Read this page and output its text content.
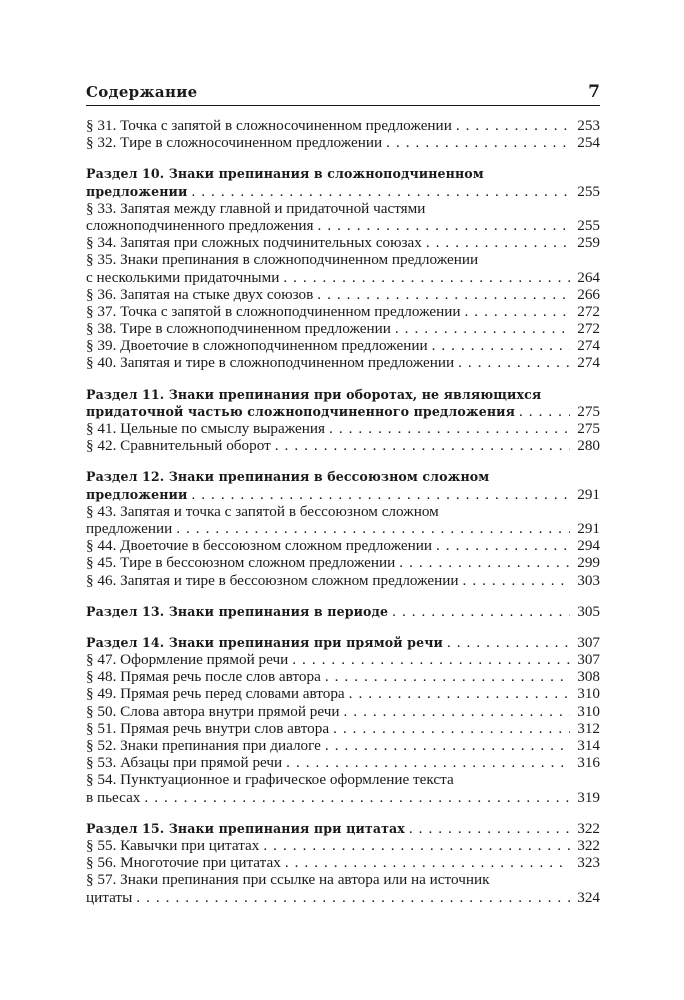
Содержание	7
§ 31. Точка с запятой в сложносочиненном предложении . . .	253
§ 32. Тире в сложносочиненном предложении . . .	254
Раздел 10. Знаки препинания в сложноподчиненном
предложении . . .	255
§ 33. Запятая между главной и придаточной частями
сложноподчиненного предложения . . .	255
§ 34. Запятая при сложных подчинительных союзах . . .	259
§ 35. Знаки препинания в сложноподчиненном предложении
с несколькими придаточными . . .	264
§ 36. Запятая на стыке двух союзов . . .	266
§ 37. Точка с запятой в сложноподчиненном предложении . . .	272
§ 38. Тире в сложноподчиненном предложении . . .	272
§ 39. Двоеточие в сложноподчиненном предложении . . .	274
§ 40. Запятая и тире в сложноподчиненном предложении . . .	274
Раздел 11. Знаки препинания при оборотах, не являющихся
придаточной частью сложноподчиненного предложения . . .	275
§ 41. Цельные по смыслу выражения . . .	275
§ 42. Сравнительный оборот . . .	280
Раздел 12. Знаки препинания в бессоюзном сложном
предложении . . .	291
§ 43. Запятая и точка с запятой в бессоюзном сложном
предложении . . .	291
§ 44. Двоеточие в бессоюзном сложном предложении . . .	294
§ 45. Тире в бессоюзном сложном предложении . . .	299
§ 46. Запятая и тире в бессоюзном сложном предложении . . .	303
Раздел 13. Знаки препинания в периоде . . .	305
Раздел 14. Знаки препинания при прямой речи . . .	307
§ 47. Оформление прямой речи . . .	307
§ 48. Прямая речь после слов автора . . .	308
§ 49. Прямая речь перед словами автора . . .	310
§ 50. Слова автора внутри прямой речи . . .	310
§ 51. Прямая речь внутри слов автора . . .	312
§ 52. Знаки препинания при диалоге . . .	314
§ 53. Абзацы при прямой речи . . .	316
§ 54. Пунктуационное и графическое оформление текста
в пьесах . . .	319
Раздел 15. Знаки препинания при цитатах . . .	322
§ 55. Кавычки при цитатах . . .	322
§ 56. Многоточие при цитатах . . .	323
§ 57. Знаки препинания при ссылке на автора или на источник
цитаты . . .	324
